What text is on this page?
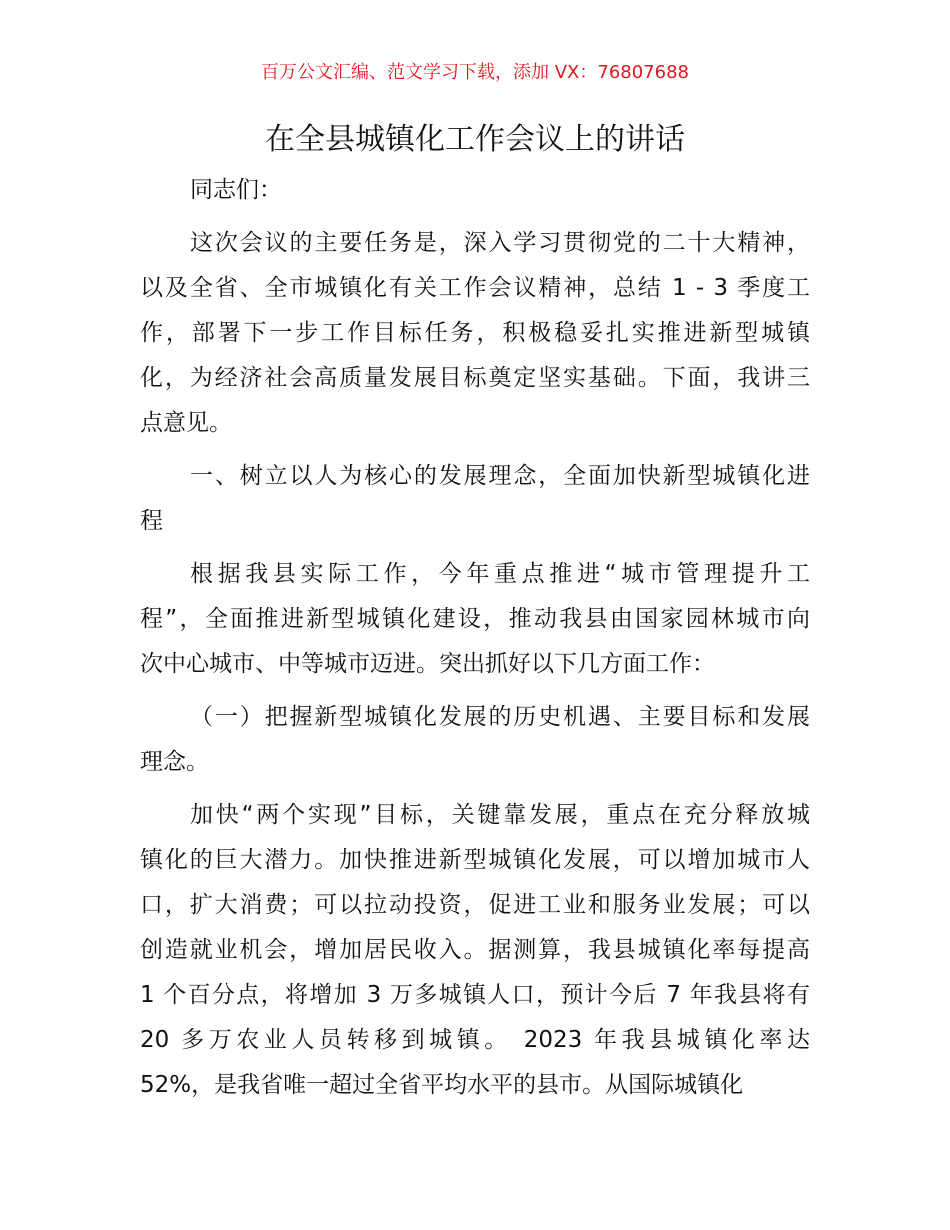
百万公文汇编、范文学习下载，添加 VX：76807688
在全县城镇化工作会议上的讲话
同志们：
这次会议的主要任务是，深入学习贯彻党的二十大精神，
以及全省、全市城镇化有关工作会议精神，总结 1 - 3 季度工
作，部署下一步工作目标任务，积极稳妥扎实推进新型城镇
化，为经济社会高质量发展目标奠定坚实基础。下面，我讲三
点意见。
一、树立以人为核心的发展理念，全面加快新型城镇化进
程
根据我县实际工作，今年重点推进“城市管理提升工
程”，全面推进新型城镇化建设，推动我县由国家园林城市向
次中心城市、中等城市迈进。突出抓好以下几方面工作：
（一）把握新型城镇化发展的历史机遇、主要目标和发展
理念。
加快“两个实现”目标，关键靠发展，重点在充分释放城
镇化的巨大潜力。加快推进新型城镇化发展，可以增加城市人
口，扩大消费；可以拉动投资，促进工业和服务业发展；可以
创造就业机会，增加居民收入。据测算，我县城镇化率每提高
1 个百分点，将增加 3 万多城镇人口，预计今后 7 年我县将有
20 多万农业人员转移到城镇。 2023 年我县城镇化率达
52%，是我省唯一超过全省平均水平的县市。从国际城镇化
